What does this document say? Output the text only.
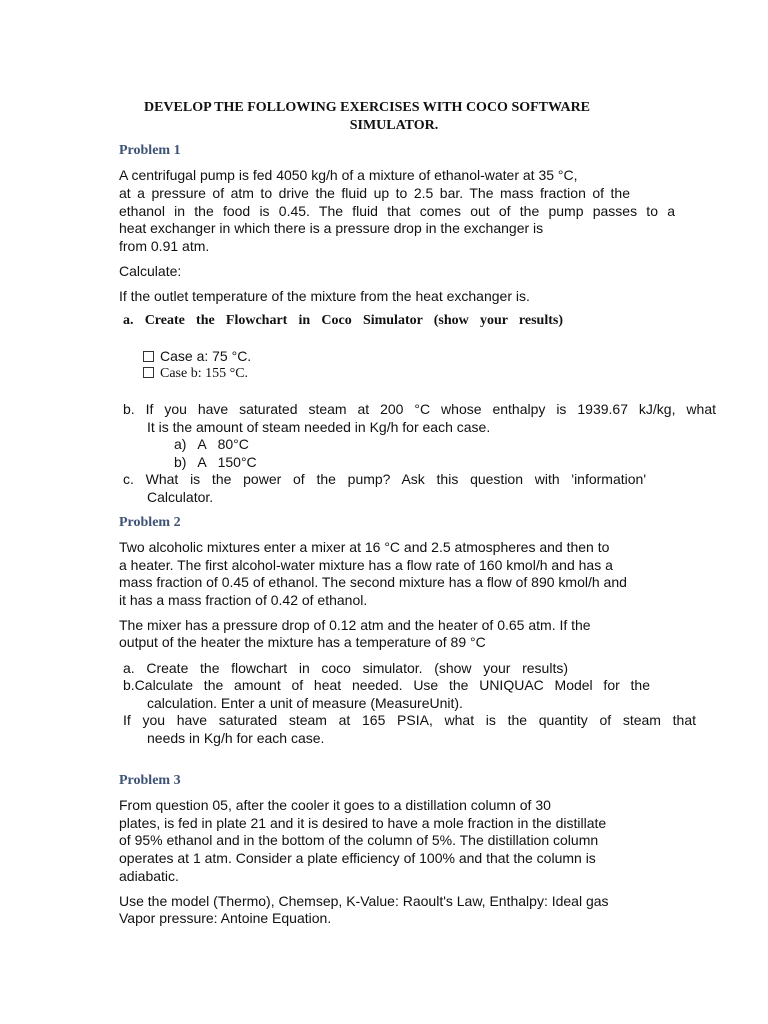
DEVELOP THE FOLLOWING EXERCISES WITH COCO SOFTWARE

SIMULATOR.

Problem 1

A centrifugal pump is fed 4050 kg/h of a mixture of ethanol-water at 35 °C,

at a pressure of atm to drive the fluid up to 2.5 bar. The mass fraction of the

ethanol in the food is 0.45. The fluid that comes out of the pump passes to a

heat exchanger in which there is a pressure drop in the exchanger is

from 0.91 atm.

Calculate:

If the outlet temperature of the mixture from the heat exchanger is.

a. Create the Flowchart in Coco Simulator (show your results)

Case a: 75 °C.

Case b: 155 °C.

b. If you have saturated steam at 200 °C whose enthalpy is 1939.67 kJ/kg, what

It is the amount of steam needed in Kg/h for each case.

a)   A   80°C

b)   A   150°C

c. What is the power of the pump? Ask this question with 'information'

Calculator.

Problem 2

Two alcoholic mixtures enter a mixer at 16 °C and 2.5 atmospheres and then to

a heater. The first alcohol-water mixture has a flow rate of 160 kmol/h and has a

mass fraction of 0.45 of ethanol. The second mixture has a flow of 890 kmol/h and

it has a mass fraction of 0.42 of ethanol.

The mixer has a pressure drop of 0.12 atm and the heater of 0.65 atm. If the

output of the heater the mixture has a temperature of 89 °C

a. Create the flowchart in coco simulator. (show your results)

b.Calculate the amount of heat needed. Use the UNIQUAC Model for the

calculation. Enter a unit of measure (MeasureUnit).

If you have saturated steam at 165 PSIA, what is the quantity of steam that

needs in Kg/h for each case.

Problem 3

From question 05, after the cooler it goes to a distillation column of 30

plates, is fed in plate 21 and it is desired to have a mole fraction in the distillate

of 95% ethanol and in the bottom of the column of 5%. The distillation column

operates at 1 atm. Consider a plate efficiency of 100% and that the column is

adiabatic.

Use the model (Thermo), Chemsep, K-Value: Raoult's Law, Enthalpy: Ideal gas

Vapor pressure: Antoine Equation.
